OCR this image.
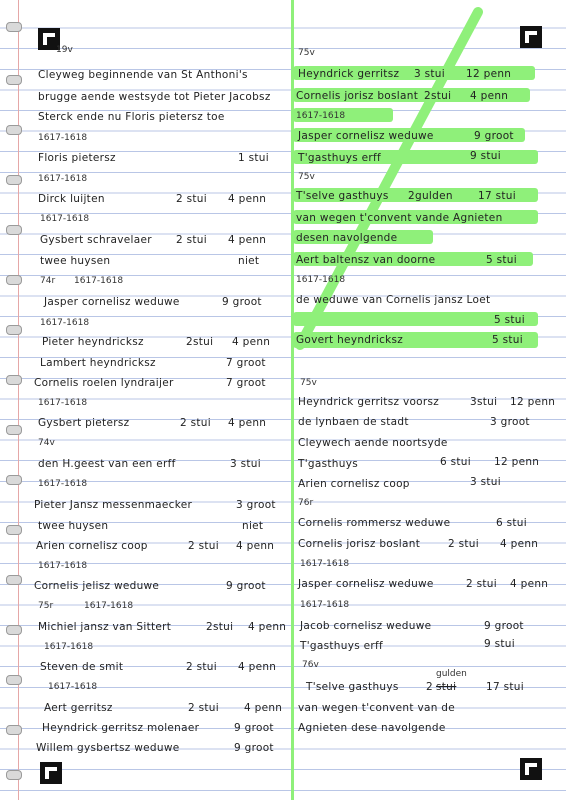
19v
Cleyweg beginnende van St Anthoni's
brugge aende westsyde tot Pieter Jacobsz
Sterck ende nu Floris pietersz toe
1617-1618
Floris pietersz	1 stui
1617-1618
Dirck luijten	2 stui 4 penn
1617-1618
Gysbert schravelaer 2 stui 4 penn
twee huysen	niet
74r 1617-1618
Jasper cornelisz weduwe	9 groot
1617-1618
Pieter heyndricksz	2stui 4 penn
Lambert heyndricksz	7 groot
Cornelis roelen lyndraijer	7 groot
1617-1618
Gysbert pietersz	2 stui 4 penn
74v
den H.geest van een erff	3 stui
1617-1618
Pieter Jansz messenmaecker	3 groot
twee huysen	niet
Arien cornelisz coop	2 stui 4 penn
1617-1618
Cornelis jelisz weduwe	9 groot
75r	1617-1618
Michiel jansz van Sittert	2stui 4 penn
1617-1618
Steven de smit	2 stui 4 penn
1617-1618
Aert gerritsz	2 stui 4 penn
Heyndrick gerritsz molenaer	9 groot
Willem gysbertsz weduwe	9 groot
75v
Heyndrick gerritsz 3 stui 12 penn
Cornelis jorisz boslant 2stui 4 penn
1617-1618
Jasper cornelisz weduwe	9 groot
T'gasthuys erff	9 stui
75v
T'selve gasthuys 2gulden 17 stui
van wegen t'convent vande Agnieten
desen navolgende
Aert baltensz van doorne	5 stui
1617-1618
de weduwe van Cornelis jansz Loet
5 stui
Govert heyndricksz	5 stui
75v
Heyndrick gerritsz voorsz	3stui 12 penn
de lynbaen de stadt	3 groot
Cleywech aende noortsyde
T'gasthuys	6 stui 12 penn
Arien cornelisz coop	3 stui
76r
Cornelis rommersz weduwe	6 stui
Cornelis jorisz boslant	2 stui 4 penn
1617-1618
Jasper cornelisz weduwe	2 stui 4 penn
1617-1618
Jacob cornelisz weduwe	9 groot
T'gasthuys erff	9 stui
76v
gulden
T'selve gasthuys	2 stui	17 stui
van wegen t'convent van de
Agnieten dese navolgende
